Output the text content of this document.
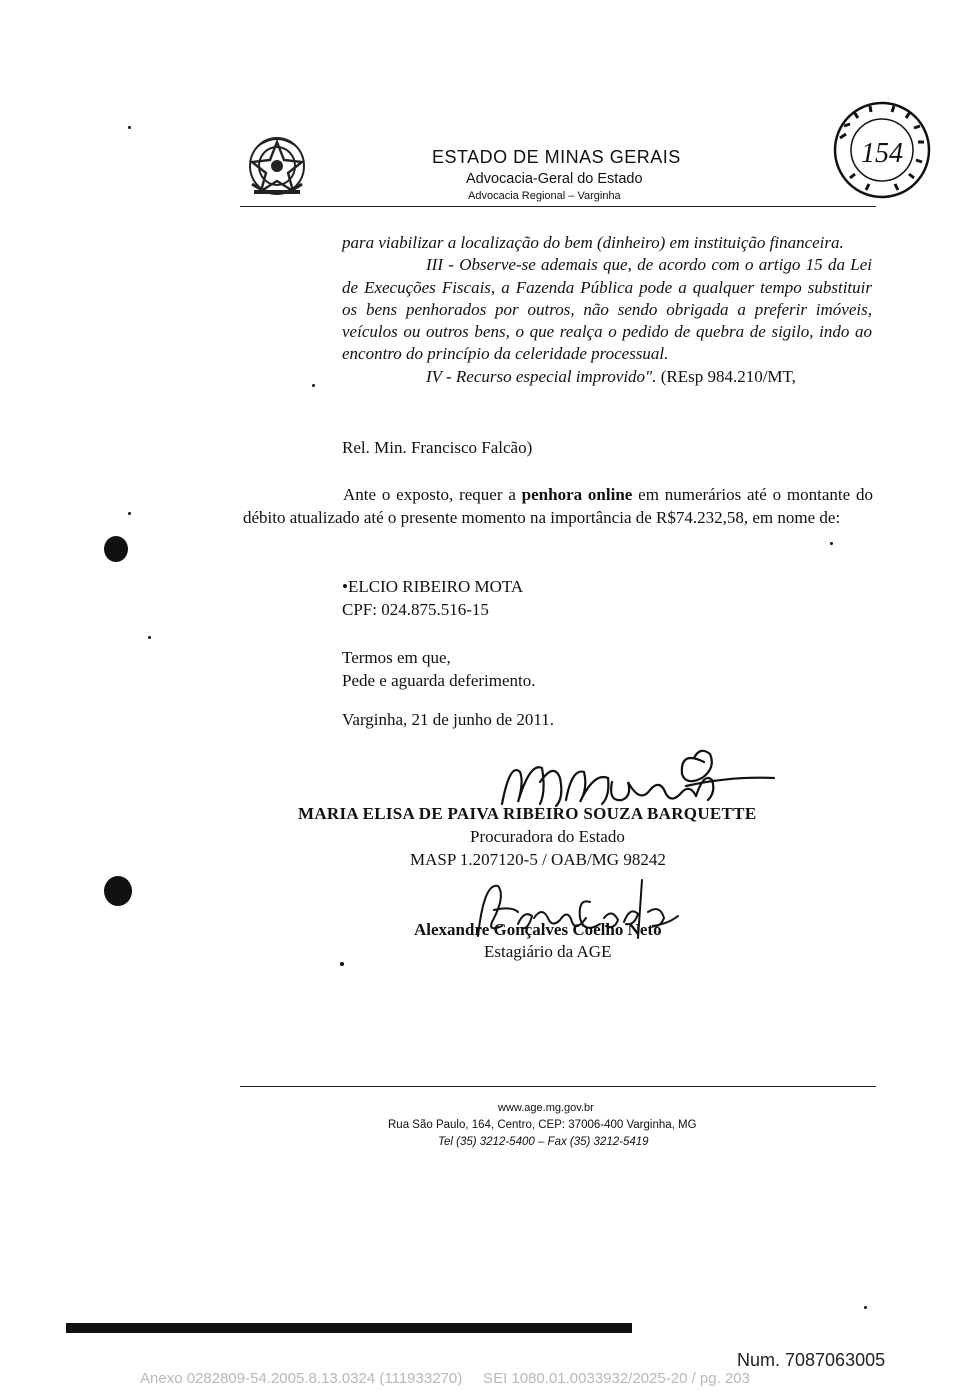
ESTADO DE MINAS GERAIS
Advocacia-Geral do Estado
Advocacia Regional – Varginha
154

para viabilizar a localização do bem (dinheiro) em instituição financeira.

III - Observe-se ademais que, de acordo com o artigo 15 da Lei de Execuções Fiscais, a Fazenda Pública pode a qualquer tempo substituir os bens penhorados por outros, não sendo obrigada a preferir imóveis, veículos ou outros bens, o que realça o pedido de quebra de sigilo, indo ao encontro do princípio da celeridade processual.

IV - Recurso especial improvido". (REsp 984.210/MT,

Rel. Min. Francisco Falcão)
Ante o exposto, requer a penhora online em numerários até o montante do débito atualizado até o presente momento na importância de R$74.232,58, em nome de:
•ELCIO RIBEIRO MOTA
CPF: 024.875.516-15
Termos em que,
Pede e aguarda deferimento.
Varginha, 21 de junho de 2011.
MARIA ELISA DE PAIVA RIBEIRO SOUZA BARQUETTE
Procuradora do Estado
MASP 1.207120-5 / OAB/MG 98242
Alexandre Gonçalves Coelho Neto
Estagiário da AGE
www.age.mg.gov.br
Rua São Paulo, 164, Centro, CEP: 37006-400 Varginha, MG
Tel (35) 3212-5400 – Fax (35) 3212-5419
Num. 7087063005
Anexo 0282809-54.2005.8.13.0324 (111933270)     SEI 1080.01.0033932/2025-20 / pg. 203
